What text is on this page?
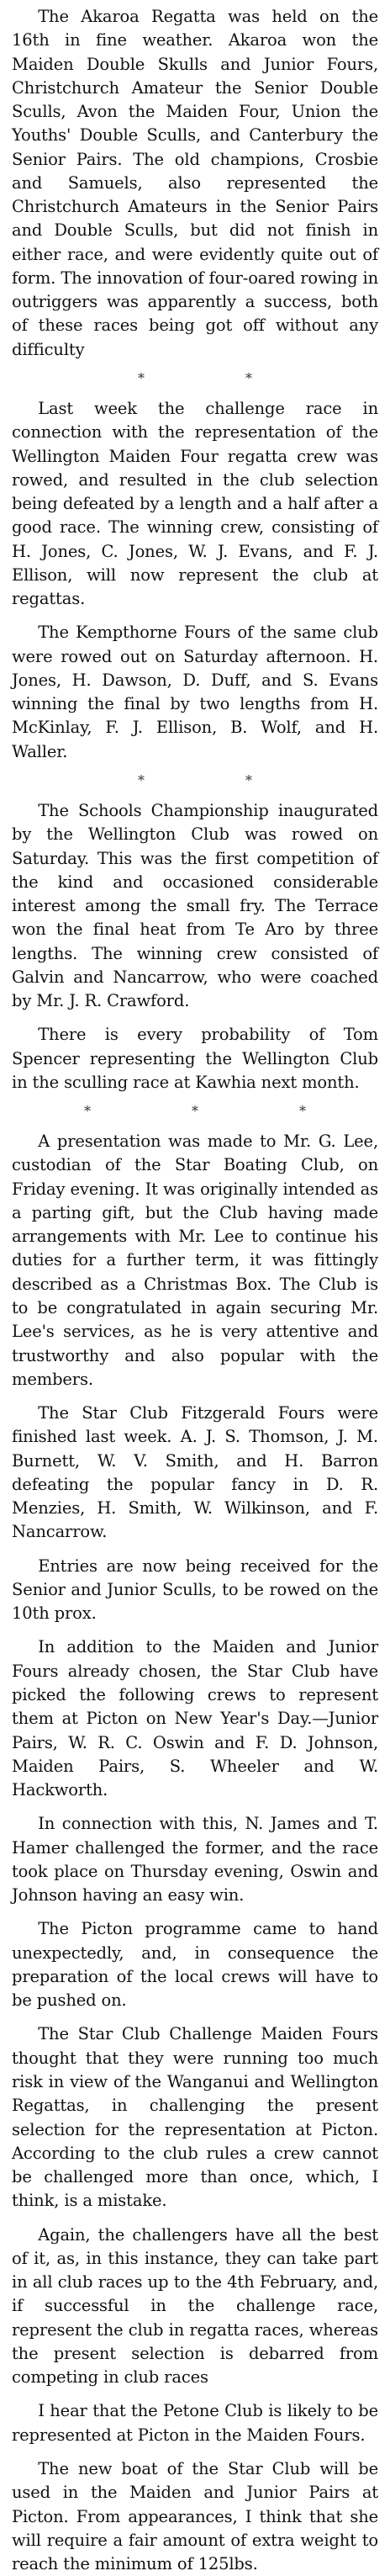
The Akaroa Regatta was held on the 16th in fine weather. Akaroa won the Maiden Double Skulls and Junior Fours, Christchurch Amateur the Senior Double Sculls, Avon the Maiden Four, Union the Youths' Double Sculls, and Canterbury the Senior Pairs. The old champions, Crosbie and Samuels, also represented the Christchurch Amateurs in the Senior Pairs and Double Sculls, but did not finish in either race, and were evidently quite out of form. The innovation of four-oared rowing in outriggers was apparently a success, both of these races being got off without any difficulty

*	*

Last week the challenge race in connection with the representation of the Wellington Maiden Four regatta crew was rowed, and resulted in the club selection being defeated by a length and a half after a good race. The winning crew, consisting of H. Jones, C. Jones, W. J. Evans, and F. J. Ellison, will now represent the club at regattas.

The Kempthorne Fours of the same club were rowed out on Saturday afternoon. H. Jones, H. Dawson, D. Duff, and S. Evans winning the final by two lengths from H. McKinlay, F. J. Ellison, B. Wolf, and H. Waller.

*	*

The Schools Championship inaugurated by the Wellington Club was rowed on Saturday. This was the first competition of the kind and occasioned considerable interest among the small fry. The Terrace won the final heat from Te Aro by three lengths. The winning crew consisted of Galvin and Nancarrow, who were coached by Mr. J. R. Crawford.

There is every probability of Tom Spencer representing the Wellington Club in the sculling race at Kawhia next month.

*	*	*

A presentation was made to Mr. G. Lee, custodian of the Star Boating Club, on Friday evening. It was originally intended as a parting gift, but the Club having made arrangements with Mr. Lee to continue his duties for a further term, it was fittingly described as a Christmas Box. The Club is to be congratulated in again securing Mr. Lee's services, as he is very attentive and trustworthy and also popular with the members.

The Star Club Fitzgerald Fours were finished last week. A. J. S. Thomson, J. M. Burnett, W. V. Smith, and H. Barron defeating the popular fancy in D. R. Menzies, H. Smith, W. Wilkinson, and F. Nancarrow.

Entries are now being received for the Senior and Junior Sculls, to be rowed on the 10th prox.

In addition to the Maiden and Junior Fours already chosen, the Star Club have picked the following crews to represent them at Picton on New Year's Day.—Junior Pairs, W. R. C. Oswin and F. D. Johnson, Maiden Pairs, S. Wheeler and W. Hackworth.

In connection with this, N. James and T. Hamer challenged the former, and the race took place on Thursday evening, Oswin and Johnson having an easy win.

The Picton programme came to hand unexpectedly, and, in consequence the preparation of the local crews will have to be pushed on.

The Star Club Challenge Maiden Fours thought that they were running too much risk in view of the Wanganui and Wellington Regattas, in challenging the present selection for the representation at Picton. According to the club rules a crew cannot be challenged more than once, which, I think, is a mistake.

Again, the challengers have all the best of it, as, in this instance, they can take part in all club races up to the 4th February, and, if successful in the challenge race, represent the club in regatta races, whereas the present selection is debarred from competing in club races

I hear that the Petone Club is likely to be represented at Picton in the Maiden Fours.

The new boat of the Star Club will be used in the Maiden and Junior Pairs at Picton. From appearances, I think that she will require a fair amount of extra weight to reach the minimum of 125lbs.
